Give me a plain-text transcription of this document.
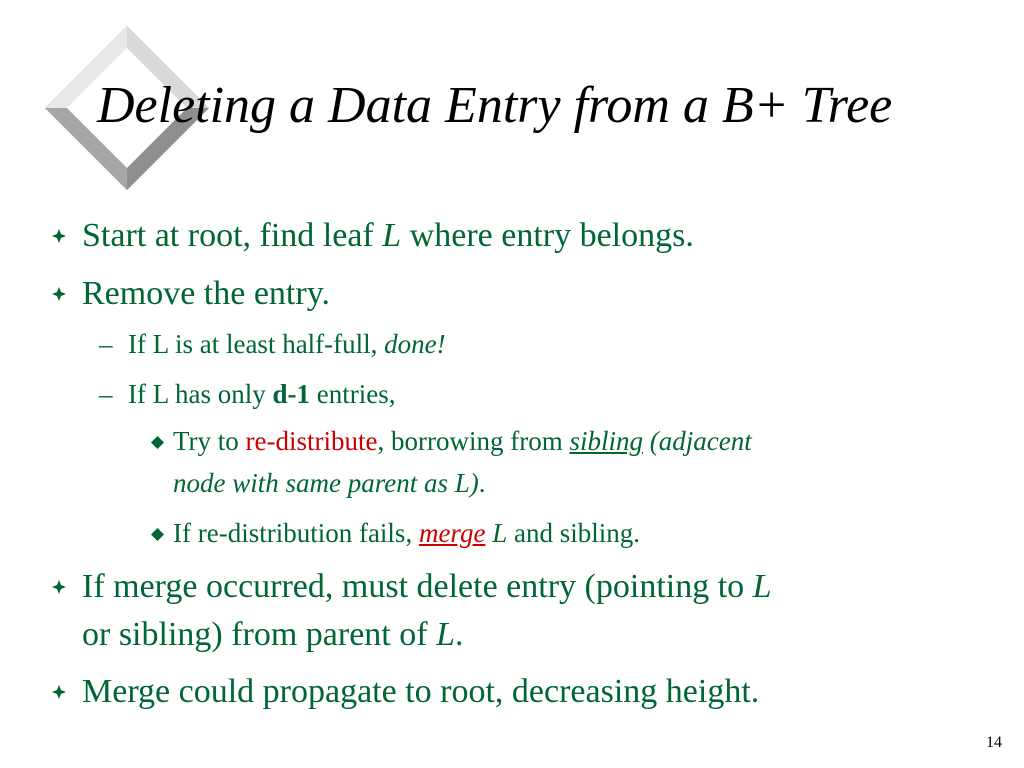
Deleting a Data Entry from a B+ Tree
Start at root, find leaf L where entry belongs.
Remove the entry.
– If L is at least half-full, done!
– If L has only d-1 entries,
Try to re-distribute, borrowing from sibling (adjacent
node with same parent as L).
If re-distribution fails, merge L and sibling.
If merge occurred, must delete entry (pointing to L
or sibling) from parent of L.
Merge could propagate to root, decreasing height.
14
